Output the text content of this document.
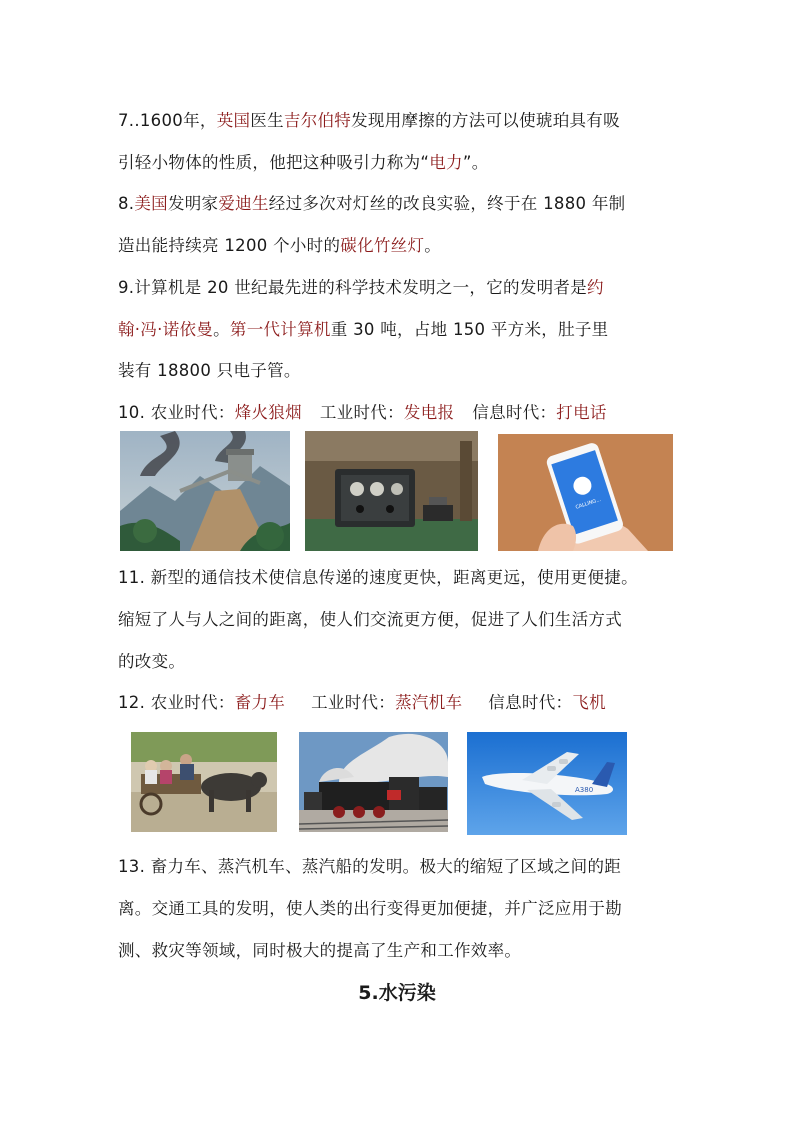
7..1600年，英国医生吉尔伯特发现用摩擦的方法可以使琥珀具有吸
引轻小物体的性质，他把这种吸引力称为“电力”。
8.美国发明家爱迪生经过多次对灯丝的改良实验，终于在 1880 年制
造出能持续亮 1200 个小时的碳化竹丝灯。
9.计算机是 20 世纪最先进的科学技术发明之一，它的发明者是约
翰·冯·诺依曼。第一代计算机重 30 吨，占地 150 平方米，肚子里
装有 18800 只电子管。
10. 农业时代：烽火狼烟 工业时代：发电报 信息时代：打电话
CALLING...
11. 新型的通信技术使信息传递的速度更快，距离更远，使用更便捷。
缩短了人与人之间的距离，使人们交流更方便，促进了人们生活方式
的改变。
12. 农业时代：畜力车 工业时代：蒸汽机车 信息时代：飞机
A380
13. 畜力车、蒸汽机车、蒸汽船的发明。极大的缩短了区域之间的距
离。交通工具的发明，使人类的出行变得更加便捷，并广泛应用于勘
测、救灾等领域，同时极大的提高了生产和工作效率。
5.水污染
